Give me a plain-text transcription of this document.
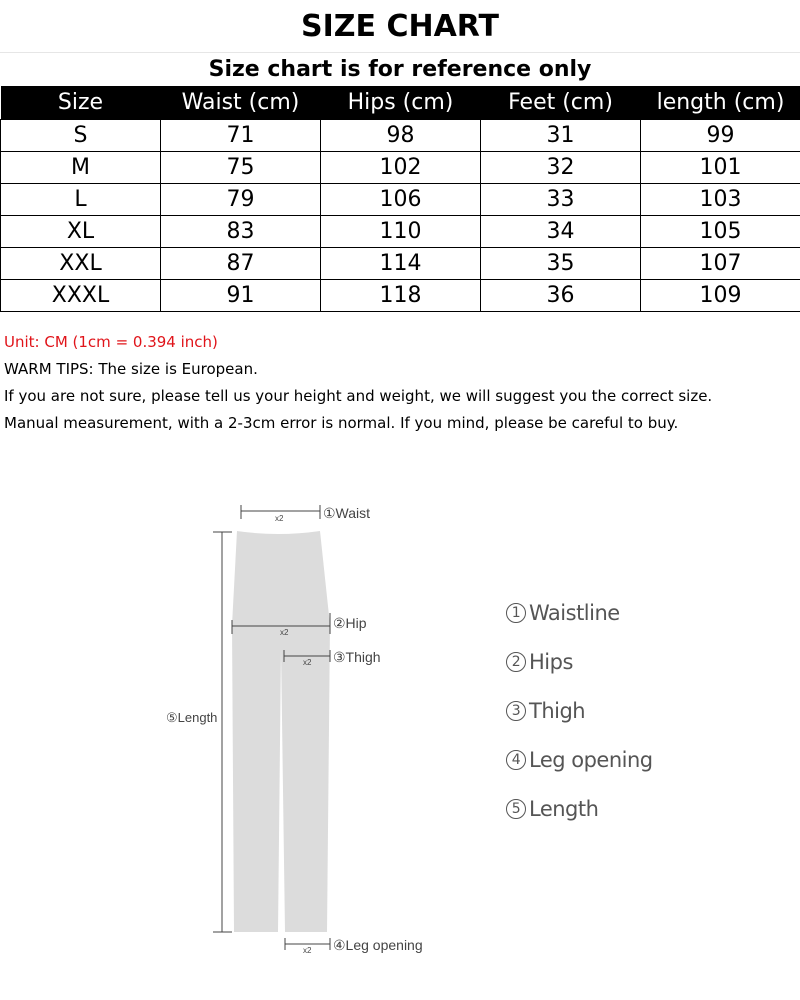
SIZE CHART
Size chart is for reference only
Size	Waist (cm)	Hips (cm)	Feet (cm)	length (cm)
S	71	98	31	99
M	75	102	32	101
L	79	106	33	103
XL	83	110	34	105
XXL	87	114	35	107
XXXL	91	118	36	109
Unit: CM (1cm = 0.394 inch)
WARM TIPS: The size is European.
If you are not sure, please tell us your height and weight, we will suggest you the correct size.
Manual measurement, with a 2-3cm error is normal. If you mind, please be careful to buy.
x2
x2
x2
x2
①Waist
②Hip
③Thigh
⑤Length
④Leg opening
1 Waistline
2 Hips
3 Thigh
4 Leg opening
5 Length
